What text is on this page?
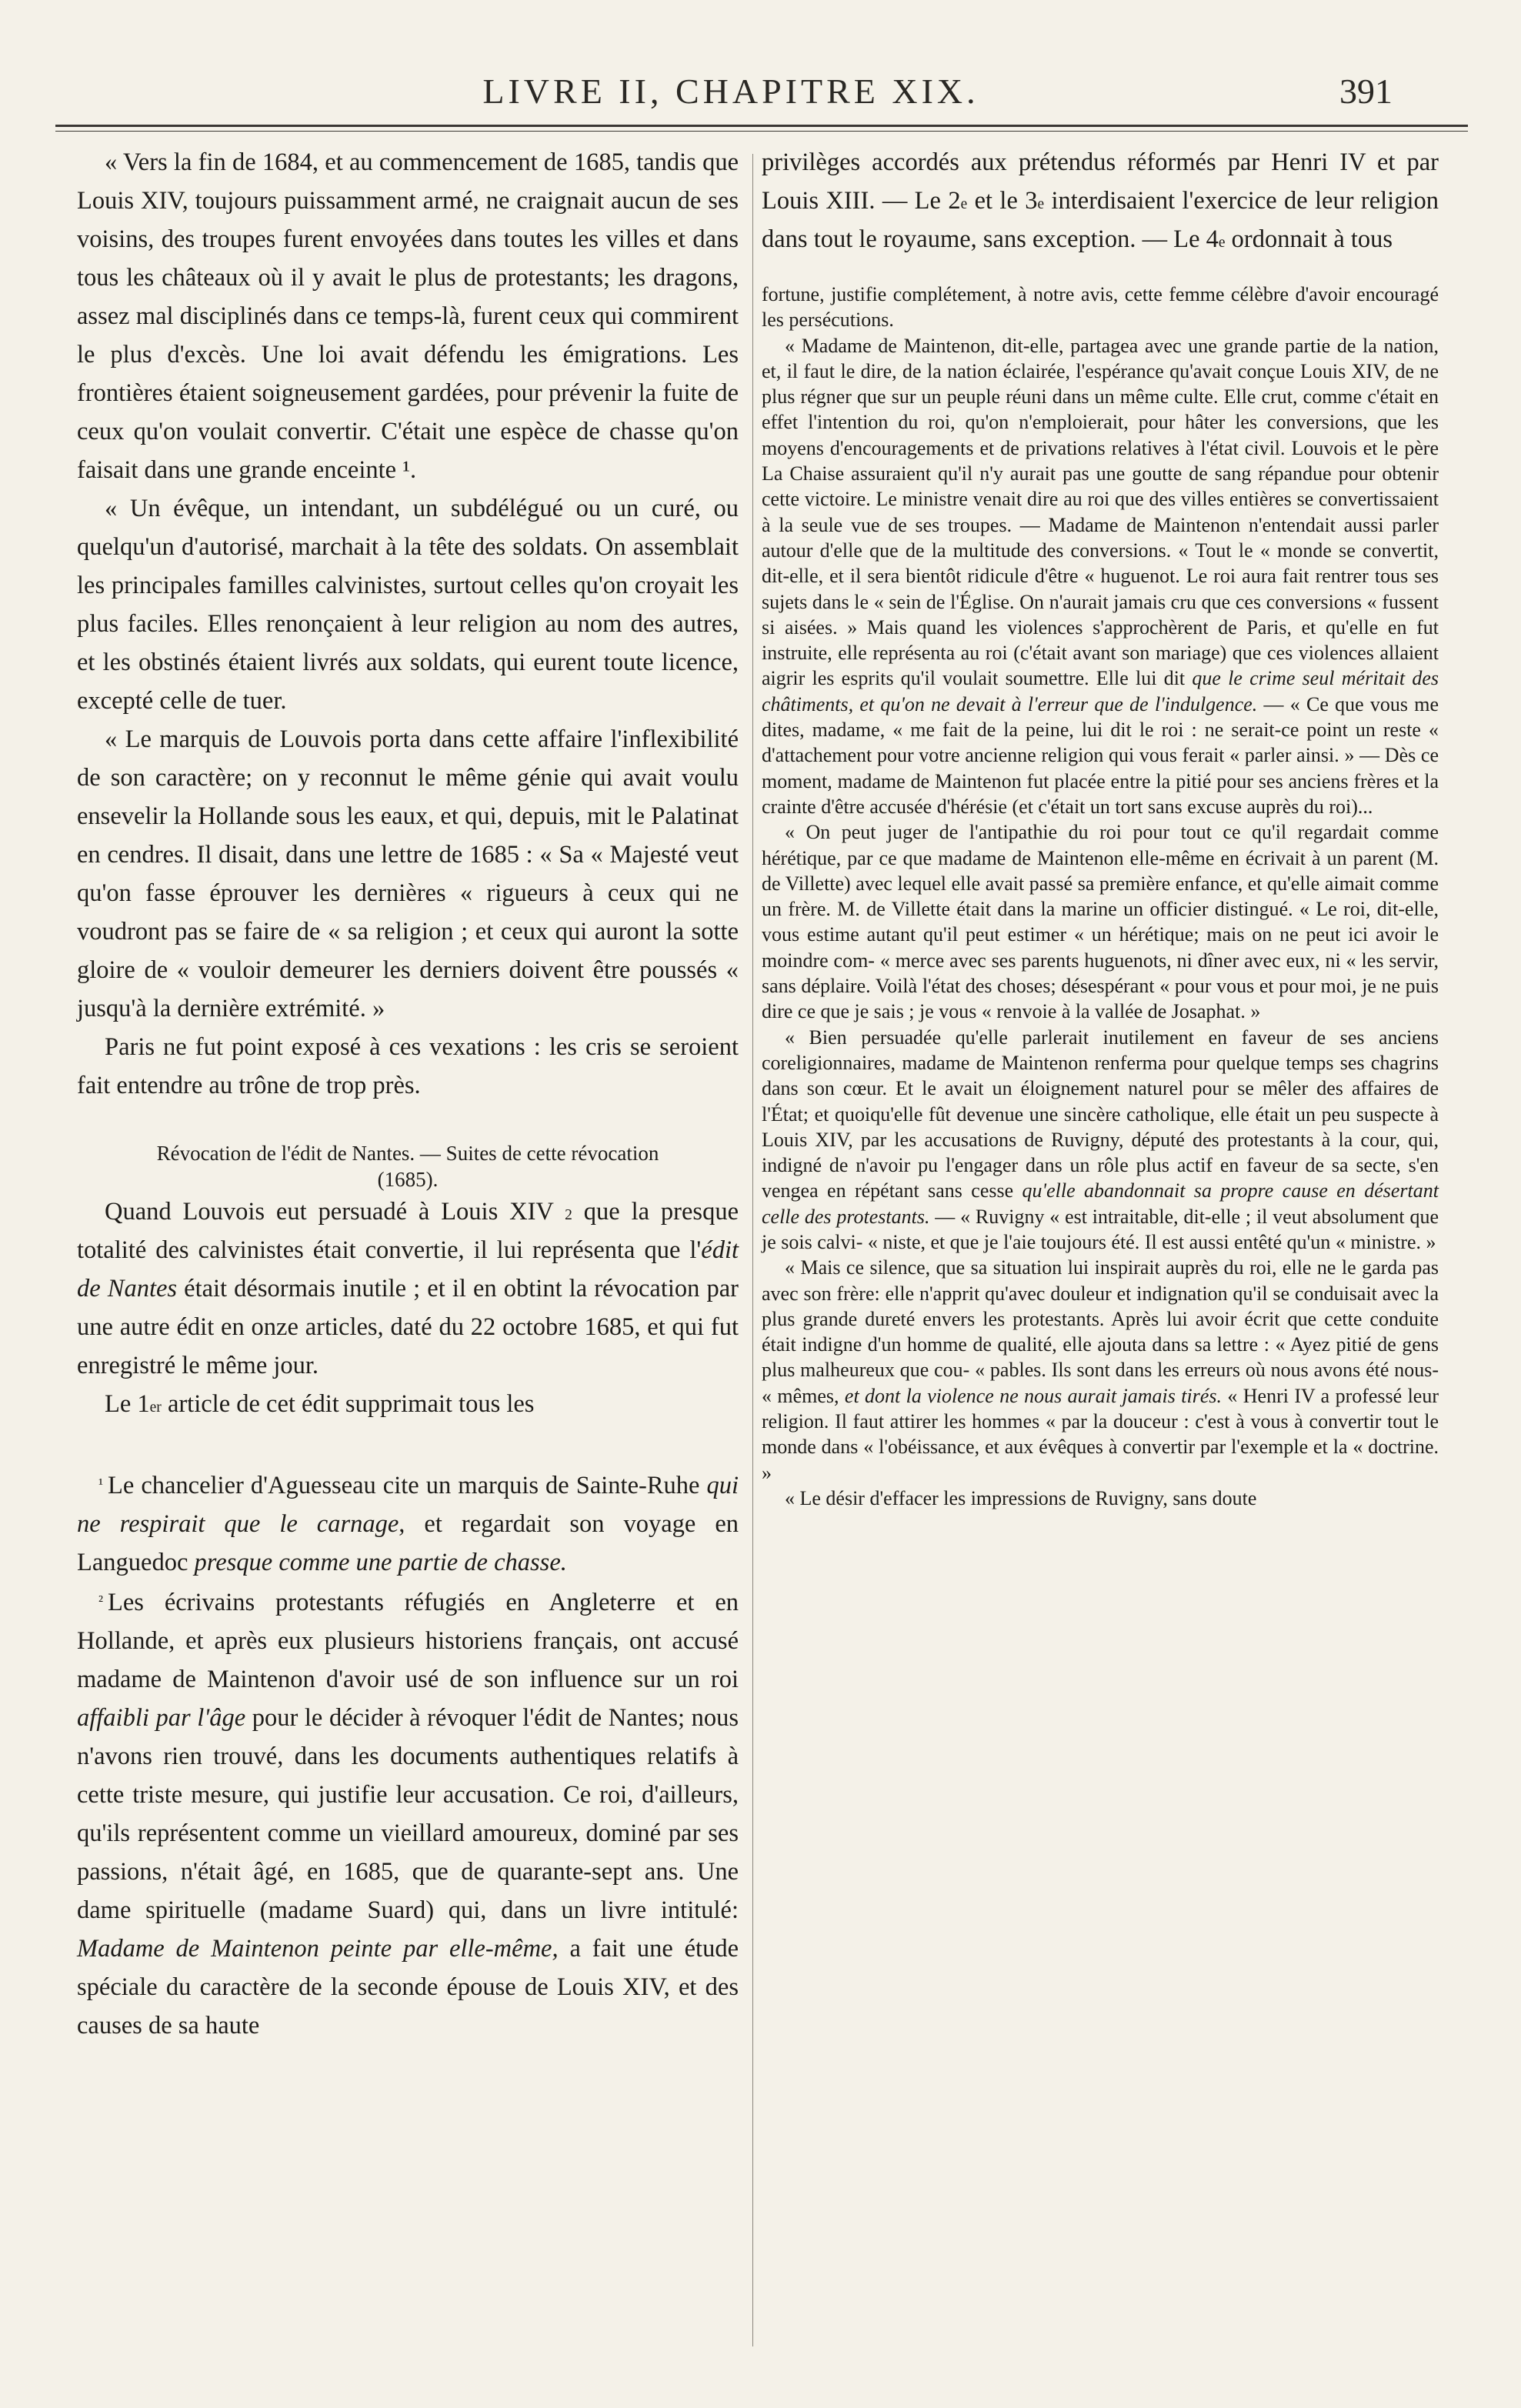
LIVRE II, CHAPITRE XIX.	391

« Vers la fin de 1684, et au commencement de 1685, tandis que Louis XIV, toujours puissamment armé, ne craignait aucun de ses voisins, des troupes furent envoyées dans toutes les villes et dans tous les châteaux où il y avait le plus de protestants; les dragons, assez mal disciplinés dans ce temps-là, furent ceux qui commirent le plus d'excès. Une loi avait défendu les émigrations. Les frontières étaient soigneusement gardées, pour prévenir la fuite de ceux qu'on voulait convertir. C'était une espèce de chasse qu'on faisait dans une grande enceinte ¹.

« Un évêque, un intendant, un subdélégué ou un curé, ou quelqu'un d'autorisé, marchait à la tête des soldats. On assemblait les principales familles calvinistes, surtout celles qu'on croyait les plus faciles. Elles renonçaient à leur religion au nom des autres, et les obstinés étaient livrés aux soldats, qui eurent toute licence, excepté celle de tuer.

« Le marquis de Louvois porta dans cette affaire l'inflexibilité de son caractère; on y reconnut le même génie qui avait voulu ensevelir la Hollande sous les eaux, et qui, depuis, mit le Palatinat en cendres. Il disait, dans une lettre de 1685 : « Sa « Majesté veut qu'on fasse éprouver les dernières « rigueurs à ceux qui ne voudront pas se faire de « sa religion ; et ceux qui auront la sotte gloire de « vouloir demeurer les derniers doivent être poussés « jusqu'à la dernière extrémité. »

Paris ne fut point exposé à ces vexations : les cris se seroient fait entendre au trône de trop près.

Révocation de l'édit de Nantes. — Suites de cette révocation
(1685).

Quand Louvois eut persuadé à Louis XIV $^2$ que la presque totalité des calvinistes était convertie, il lui représenta que l'édit de Nantes était désormais inutile ; et il en obtint la révocation par une autre édit en onze articles, daté du 22 octobre 1685, et qui fut enregistré le même jour.

Le 1er article de cet édit supprimait tous les

¹ Le chancelier d'Aguesseau cite un marquis de Sainte-Ruhe qui ne respirait que le carnage, et regardait son voyage en Languedoc presque comme une partie de chasse.

² Les écrivains protestants réfugiés en Angleterre et en Hollande, et après eux plusieurs historiens français, ont accusé madame de Maintenon d'avoir usé de son influence sur un roi affaibli par l'âge pour le décider à révoquer l'édit de Nantes; nous n'avons rien trouvé, dans les documents authentiques relatifs à cette triste mesure, qui justifie leur accusation. Ce roi, d'ailleurs, qu'ils représentent comme un vieillard amoureux, dominé par ses passions, n'était âgé, en 1685, que de quarante-sept ans. Une dame spirituelle (madame Suard) qui, dans un livre intitulé: Madame de Maintenon peinte par elle-même, a fait une étude spéciale du caractère de la seconde épouse de Louis XIV, et des causes de sa haute

privilèges accordés aux prétendus réformés par Henri IV et par Louis XIII. — Le 2e et le 3e interdisaient l'exercice de leur religion dans tout le royaume, sans exception. — Le 4e ordonnait à tous

fortune, justifie complétement, à notre avis, cette femme célèbre d'avoir encouragé les persécutions.

« Madame de Maintenon, dit-elle, partagea avec une grande partie de la nation, et, il faut le dire, de la nation éclairée, l'espérance qu'avait conçue Louis XIV, de ne plus régner que sur un peuple réuni dans un même culte. Elle crut, comme c'était en effet l'intention du roi, qu'on n'emploierait, pour hâter les conversions, que les moyens d'encouragements et de privations relatives à l'état civil. Louvois et le père La Chaise assuraient qu'il n'y aurait pas une goutte de sang répandue pour obtenir cette victoire. Le ministre venait dire au roi que des villes entières se convertissaient à la seule vue de ses troupes. — Madame de Maintenon n'entendait aussi parler autour d'elle que de la multitude des conversions. « Tout le « monde se convertit, dit-elle, et il sera bientôt ridicule d'être « huguenot. Le roi aura fait rentrer tous ses sujets dans le « sein de l'Église. On n'aurait jamais cru que ces conversions « fussent si aisées. » Mais quand les violences s'approchèrent de Paris, et qu'elle en fut instruite, elle représenta au roi (c'était avant son mariage) que ces violences allaient aigrir les esprits qu'il voulait soumettre. Elle lui dit que le crime seul méritait des châtiments, et qu'on ne devait à l'erreur que de l'indulgence. — « Ce que vous me dites, madame, « me fait de la peine, lui dit le roi : ne serait-ce point un reste « d'attachement pour votre ancienne religion qui vous ferait « parler ainsi. » — Dès ce moment, madame de Maintenon fut placée entre la pitié pour ses anciens frères et la crainte d'être accusée d'hérésie (et c'était un tort sans excuse auprès du roi)...

« On peut juger de l'antipathie du roi pour tout ce qu'il regardait comme hérétique, par ce que madame de Maintenon elle-même en écrivait à un parent (M. de Villette) avec lequel elle avait passé sa première enfance, et qu'elle aimait comme un frère. M. de Villette était dans la marine un officier distingué. « Le roi, dit-elle, vous estime autant qu'il peut estimer « un hérétique; mais on ne peut ici avoir le moindre com- « merce avec ses parents huguenots, ni dîner avec eux, ni « les servir, sans déplaire. Voilà l'état des choses; désespérant « pour vous et pour moi, je ne puis dire ce que je sais ; je vous « renvoie à la vallée de Josaphat. »

« Bien persuadée qu'elle parlerait inutilement en faveur de ses anciens coreligionnaires, madame de Maintenon renferma pour quelque temps ses chagrins dans son cœur. Et le avait un éloignement naturel pour se mêler des affaires de l'État; et quoiqu'elle fût devenue une sincère catholique, elle était un peu suspecte à Louis XIV, par les accusations de Ruvigny, député des protestants à la cour, qui, indigné de n'avoir pu l'engager dans un rôle plus actif en faveur de sa secte, s'en vengea en répétant sans cesse qu'elle abandonnait sa propre cause en désertant celle des protestants. — « Ruvigny « est intraitable, dit-elle ; il veut absolument que je sois calvi- « niste, et que je l'aie toujours été. Il est aussi entêté qu'un « ministre. »

« Mais ce silence, que sa situation lui inspirait auprès du roi, elle ne le garda pas avec son frère: elle n'apprit qu'avec douleur et indignation qu'il se conduisait avec la plus grande dureté envers les protestants. Après lui avoir écrit que cette conduite était indigne d'un homme de qualité, elle ajouta dans sa lettre : « Ayez pitié de gens plus malheureux que cou- « pables. Ils sont dans les erreurs où nous avons été nous- « mêmes, et dont la violence ne nous aurait jamais tirés. « Henri IV a professé leur religion. Il faut attirer les hommes « par la douceur : c'est à vous à convertir tout le monde dans « l'obéissance, et aux évêques à convertir par l'exemple et la « doctrine. »

« Le désir d'effacer les impressions de Ruvigny, sans doute
